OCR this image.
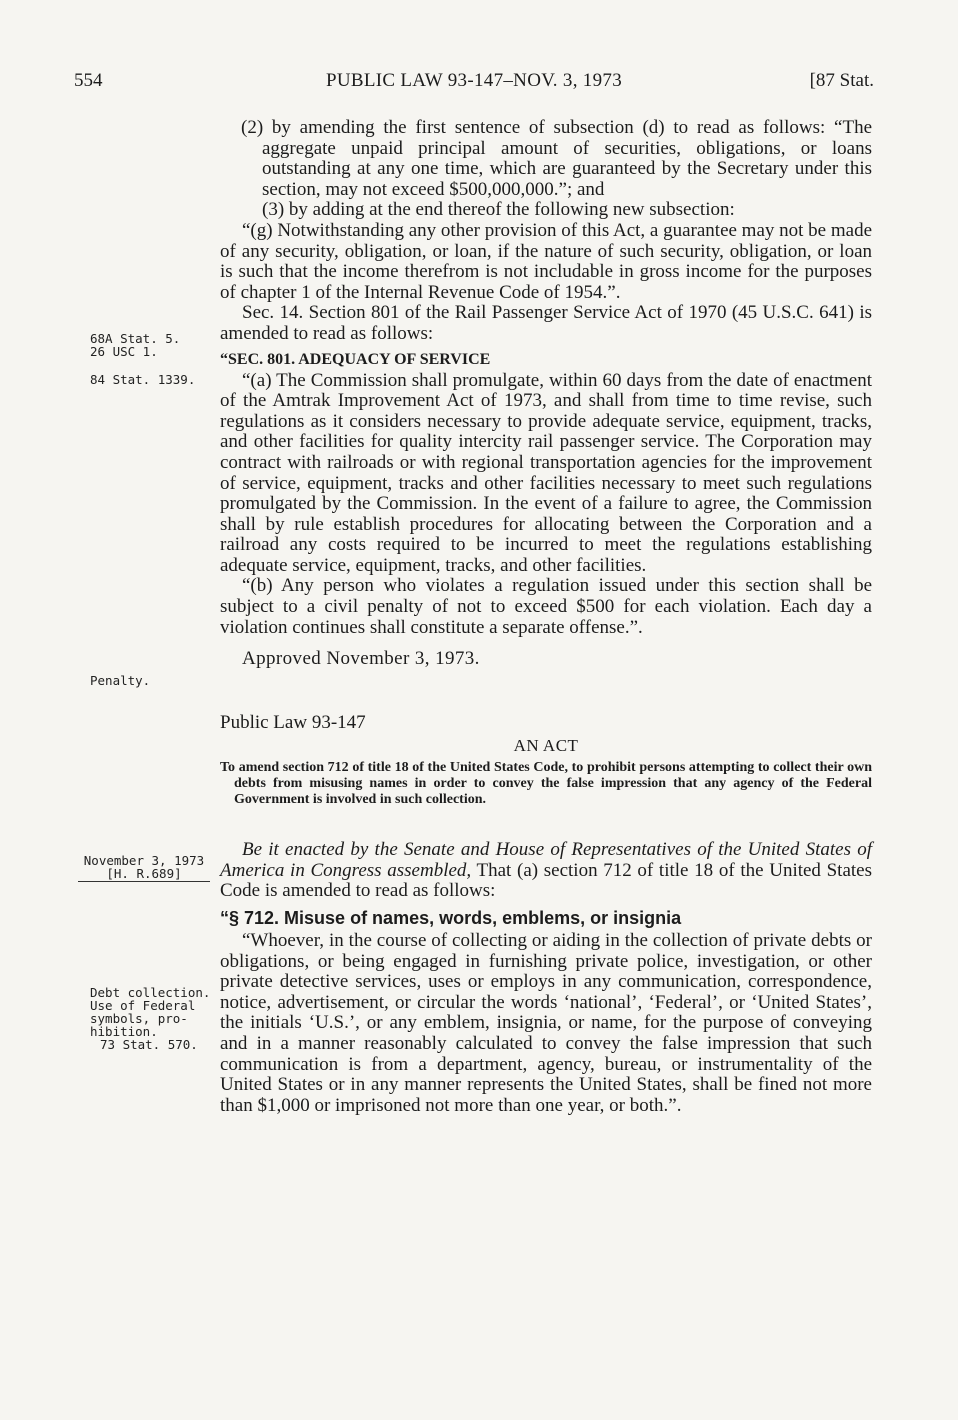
554	PUBLIC LAW 93-147–NOV. 3, 1973	[87 Stat.
68A Stat. 5.
26 USC 1.
84 Stat. 1339.
Penalty.
November 3, 1973
[H. R.689]
Debt collection.
Use of Federal
symbols, pro-
hibition.
73 Stat. 570.

(2) by amending the first sentence of subsection (d) to read as follows: “The aggregate unpaid principal amount of securities, obligations, or loans outstanding at any one time, which are guaranteed by the Secretary under this section, may not exceed $500,000,000.”; and

(3) by adding at the end thereof the following new subsection:

“(g) Notwithstanding any other provision of this Act, a guarantee may not be made of any security, obligation, or loan, if the nature of such security, obligation, or loan is such that the income therefrom is not includable in gross income for the purposes of chapter 1 of the Internal Revenue Code of 1954.”.

Sec. 14. Section 801 of the Rail Passenger Service Act of 1970 (45 U.S.C. 641) is amended to read as follows:

“SEC. 801. ADEQUACY OF SERVICE

“(a) The Commission shall promulgate, within 60 days from the date of enactment of the Amtrak Improvement Act of 1973, and shall from time to time revise, such regulations as it considers necessary to provide adequate service, equipment, tracks, and other facilities for quality intercity rail passenger service. The Corporation may contract with railroads or with regional transportation agencies for the improvement of service, equipment, tracks and other facilities necessary to meet such regulations promulgated by the Commission. In the event of a failure to agree, the Commission shall by rule establish procedures for allocating between the Corporation and a railroad any costs required to be incurred to meet the regulations establishing adequate service, equipment, tracks, and other facilities.

“(b) Any person who violates a regulation issued under this section shall be subject to a civil penalty of not to exceed $500 for each violation. Each day a violation continues shall constitute a separate offense.”.

Approved November 3, 1973.
Public Law 93-147
AN ACT
To amend section 712 of title 18 of the United States Code, to prohibit persons attempting to collect their own debts from misusing names in order to convey the false impression that any agency of the Federal Government is involved in such collection.

Be it enacted by the Senate and House of Representatives of the United States of America in Congress assembled, That (a) section 712 of title 18 of the United States Code is amended to read as follows:

“§ 712. Misuse of names, words, emblems, or insignia

“Whoever, in the course of collecting or aiding in the collection of private debts or obligations, or being engaged in furnishing private police, investigation, or other private detective services, uses or employs in any communication, correspondence, notice, advertisement, or circular the words ‘national’, ‘Federal’, or ‘United States’, the initials ‘U.S.’, or any emblem, insignia, or name, for the purpose of conveying and in a manner reasonably calculated to convey the false impression that such communication is from a department, agency, bureau, or instrumentality of the United States or in any manner represents the United States, shall be fined not more than $1,000 or imprisoned not more than one year, or both.”.
